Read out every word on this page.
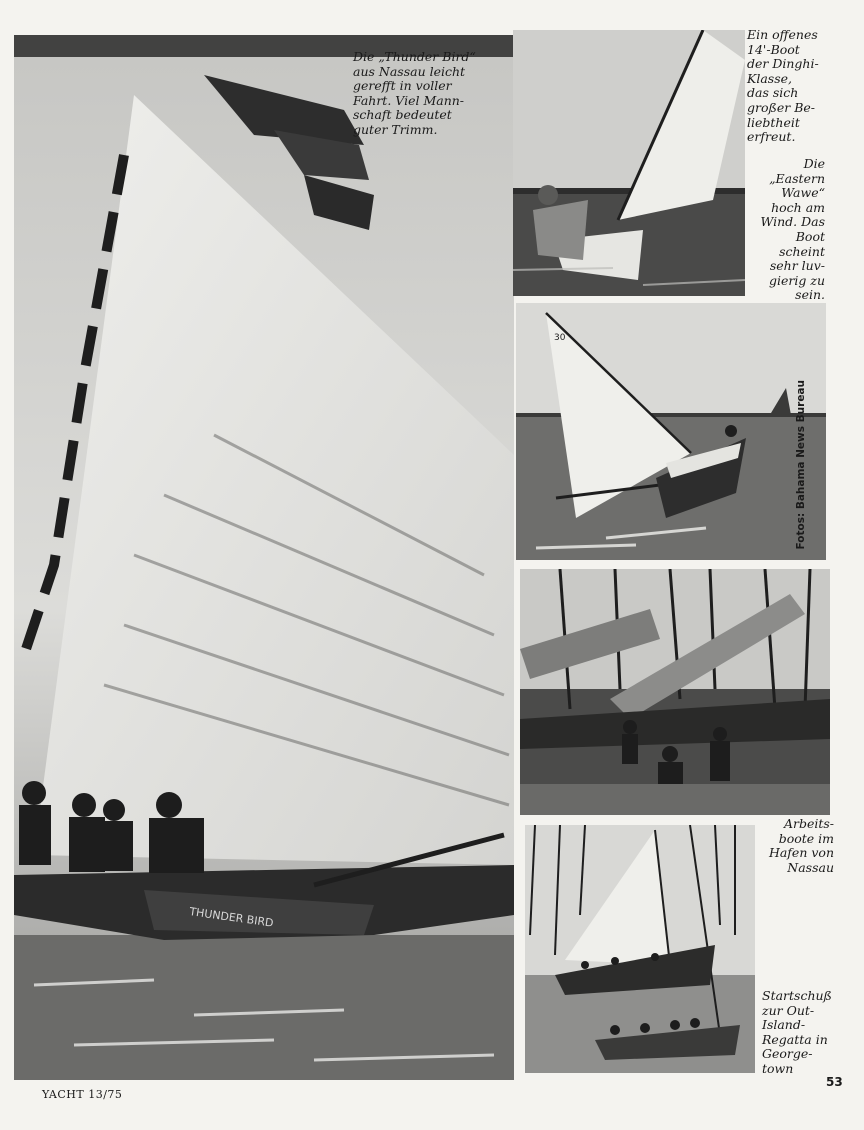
THUNDER BIRD
Die „Thunder Bird“
aus Nassau leicht
gerefft in voller
Fahrt. Viel Mann-
schaft bedeutet
guter Trimm.
Ein offenes
14'-Boot
der Dinghi-
Klasse,
das sich
großer Be-
liebtheit
erfreut.
Die
„Eastern
Wawe“
hoch am
Wind. Das
Boot
scheint
sehr luv-
gierig zu
sein.
30
Fotos: Bahama News Bureau
Arbeits-
boote im
Hafen von
Nassau
Startschuß
zur Out-
Island-
Regatta in
George-
town
YACHT 13/75
53
